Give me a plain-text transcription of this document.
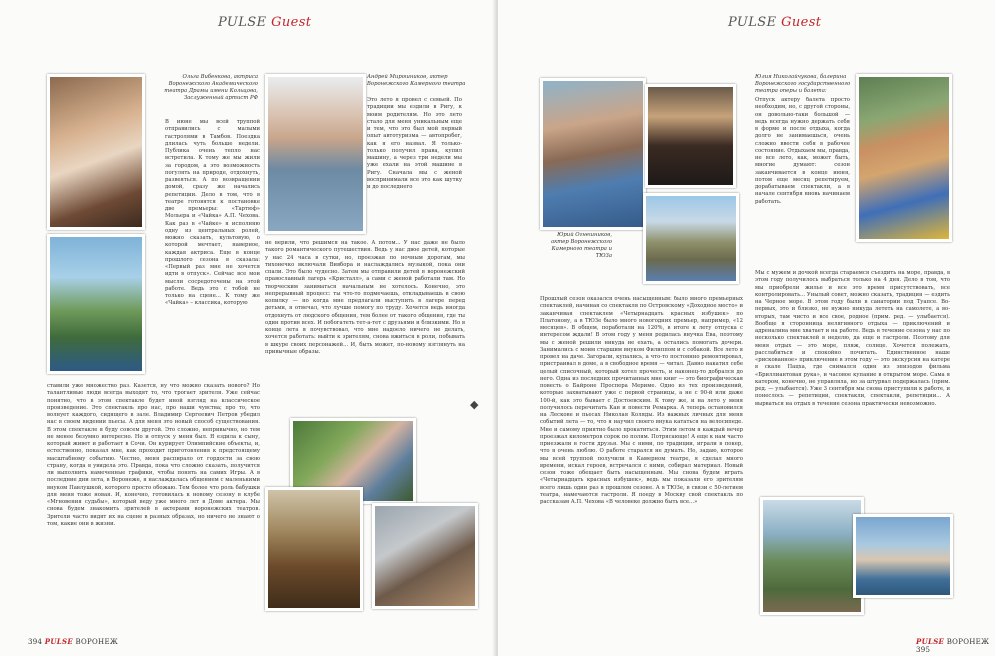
PULSE Guest
Ольга Вибенкова, актриса Воронежского Академического театра Драмы имени Кольцова, Заслуженный артист РФ
В июне мы всей труппой отправились с малыми гастролями в Тамбов. Поездка длилась чуть больше недели. Публика очень тепло нас встретила. К тому же мы жили за городом, а это возможность погулять на природе, отдохнуть, развеяться. А по возвращении домой, сразу же начались репетиции. Дело в том, что в театре готовятся к постановке две премьеры: «Тартюф» Мольера и «Чайка» А.П. Чехова. Как раз в «Чайке» я исполняю одну из центральных ролей, можно сказать, культовую, о которой мечтает, наверное, каждая актриса. Еще в конце прошлого сезона я сказала: «Первый раз мне не хочется идти в отпуск». Сейчас все мои мысли сосредоточены на этой работе. Ведь это с тобой не только на сцене... К тому же «Чайка» – классика, которую
ставили уже множество раз. Казется, ну что можно сказать нового? Но талантливые люди всегда выходят то, что трогает зрителя. Уже сейчас понятно, что в этом спектакле будет иной взгляд на классическое произведение. Это спектакль про нас, про наши чувства; про то, что волнует каждого, сидящего в зале. Владимир Сергеевич Петров убедил нас в своем видении пьесы. А для меня это новый способ существования. В этом спектакле я буду совсем другой. Это сложно, непривычно, но тем не менее безумно интересно. Но и отпуск у меня был. Я ездила к сыну, который живет и работает в Сочи. Он курирует Олимпийские объекты, и, естественно, показал мне, как проходит приготовления к предстоящему масштабному событию. Честно, меня распирало от гордости за свою страну, когда я увидела это. Правда, пока что сложно сказать, получится ли выполнить намеченные графики, чтобы понять на самих Игры. А в последние дни лета, в Воронеже, я наслаждалась общением с маленькими внуком Павлушкой, которого просто обожаю. Тем более что роль бабушки для меня тоже новая. И, конечно, готовилась к новому сезону в клубе «Мгновения судьбы», который веду уже много лет в Доме актера. Мы снова будем знакомить зрителей в актерами воронежских театров. Зрители часто видят их на сцене в разных образах, но ничего не знают о том, какие они в жизни.
Андрей Мирошников, актер Воронежского Камерного театра
Это лето я провел с семьей. По традиции мы ездили в Ригу, к моим родителям. Но это лето стало для меня уникальным еще и тем, что это был мой первый опыт автотуризма — автопробег, как я его назвал. Я только-только получил права, купил машину, а через три недели мы уже ехали на этой машине в Ригу. Сначала мы с женой воспринимали все это как шутку и до последнего
не верили, что решимся на такое. А потом... У нас даже не было такого романтического путешествия. Ведь у нас двое детей, которые у нас 24 часа в сутки, но, проезжая по ночным дорогам, мы тихонечко включали Вивбора и наслаждались музыкой, пока они спали. Это было чудесно. Затем мы отправили детей в воронежский православный лагерь «Кристалл», а сами с женой работали там. Но творческим заниматься начальным не хотелось. Конечно, это непрерывный процесс: ты что-то подмечаешь, откладываешь в свою копилку — но когда мне предлагали выступить в лагере перед детьми, я отвечал, что лучше помогу по труду. Хочется ведь иногда отдохнуть от людского общения, тем более от такого общения, где ты один против всех. И побогатеть тет-а-тет с друзьями и близкими. Но в конце лета я почувствовал, что мне надоело ничего не делать, хочется работать: выйти к зрителям, снова вжиться в роли, побывать в шкуре своих персонажей... И, быть может, по-новому взглянуть на привычные образы.
◆
394 PULSE ВОРОНЕЖ
PULSE Guest
Юрий Огнешников, актер Воронежского Камерного театра и ТЮЗа
Юлия Николайчукова, балерина Воронежского государственного театра оперы и балета:
Отпуск актеру балета просто необходим, но, с другой стороны, он довольно-таки большой — ведь всегда нужно держать себя в форме и после отдыха, когда долго не занимаешься, очень сложно ввести себя в рабочее состояние. Отдыхаем мы, правда, не все лето, как, может быть, многие думают: сезон заканчивается в конце июня, потом еще месяц репетируем, дорабатываем спектакли, а в начале сентября вновь начинаем работать.
Мы с мужем и дочкой всегда стараемся съездить на море, правда, в этом году получилось выбраться только на 4 дня. Дело в том, что мы приобрели жилье и все это время присутствовать, все контролировать... Унылый совет, можно сказать, традиция — ездить на Черное море. В этом году были в санатории под Туапсе. Во-первых, это и близко, не нужно никуда лететь на самолете, а во-вторых, там чисто и все свое, родное (прим. ред. — улыбается). Вообще я сторонница нелягивного отдыха — приключений и адреналина мне хватает и на работе. Ведь в течение сезона у нас по несколько спектаклей в неделю, да еще и гастроли. Поэтому для меня отдых — это море, пляж, солнце. Хочется полежать, расслабиться и спокойно почитать. Единственное наше «рискованное» приключение в этом году — это экскурсия на катере в скале Пацха, где снимался один из эпизодов фильма «Бриллиантовая рука», и часовое купание в открытом море. Сама я катером, конечно, не управляла, но за штурвал подержалась (прим. ред. — улыбается). Уже 3 сентября мы снова приступили к работе, и понеслось — репетиции, спектакли, спектакли, репетиции... А вырваться на отдых в течение сезона практически невозможно.
Прошлый сезон оказался очень насыщенным: было много премьерных спектаклей, начиная со спектакля по Островскому «Доходное место» и заканчивая спектаклем «Четырнадцать красных избушек» по Платонову, а в ТЮЗе было много новогодних премьер, например, «12 месяцев». В общем, поработали на 120%, в итоге к лету отпуска с интересом ждали! В этом году у меня родилась внучка Ева, поэтому мы с женой решили никуда не ехать, а остались помогать дочери. Занимались с моим старшим внуком Филиппом и с собакой. Все лето я провел на даче. Загорали, купались, а что-то постоянно ремонтировал, пристраивал в доме, а в свободное время — читал. Давно накатил себе целый списочный, который хотел прочесть, и наконец-то добрался до него. Одна из последних прочитанных мне книг — это биографическая повесть о Байроне Проспера Мериме. Одно из тех произведений, которые захватывают уже с первой страницы, а не с 90-й или даже 100-й, как это бывает с Достоевским. К тому же, и на лето у меня получилось перечитать Кан и повести Ремарка. А теперь остановился на Лескове и пьесах Николая Коляды. Из важных личных для меня событий лета — то, что я научил своего внука кататься на велосипеде. Мне и самому приятно было прокатиться. Этим летом я каждый вечер проезжал километров сорок по полям. Потрясающе! А еще к нам часто приезжали в гости друзья. Мы с ними, по традиции, играли в покер, что я очень люблю. О работе старался не думать. Но, задаю, которое мы всей труппой получили в Камерном театре, я сделал много времени, искал героев, встречался с ними, собирал материал. Новый сезон тоже обещает быть насыщенным. Мы снова будем играть «Четырнадцать красных избушек», ведь мы показали его зрителям всего лишь один раз в прошлом сезоне. А в ТЮЗе, в связи с 50-летием театра, намечаются гастроли. Я поеду в Москву свой спектакль по рассказам А.П. Чехова «В человеке должно быть все...»
PULSE ВОРОНЕЖ 395
